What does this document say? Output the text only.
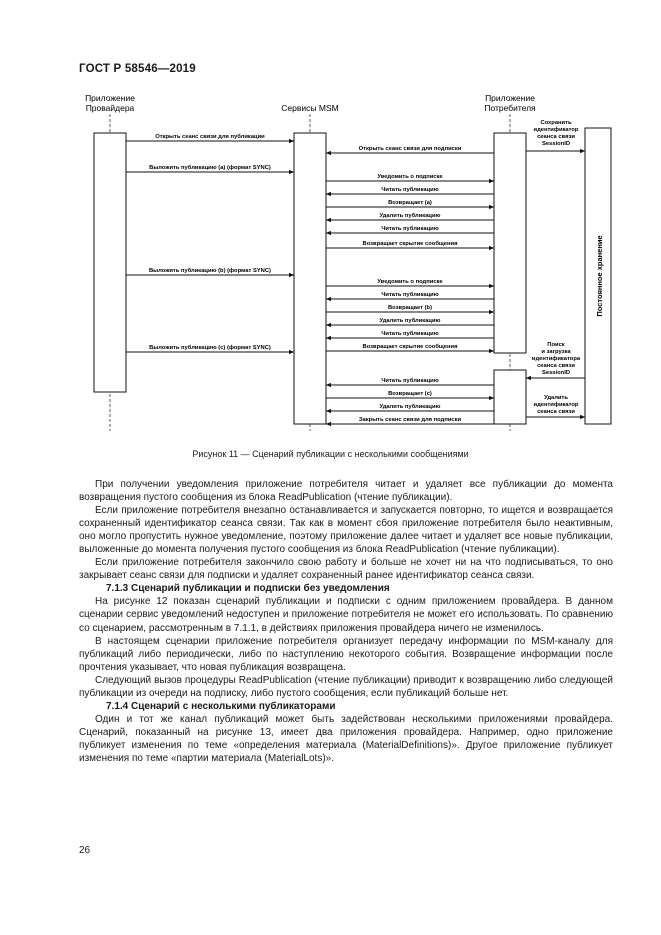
ГОСТ Р 58546—2019
Приложение
Провайдера	Сервисы MSM
Приложение
Потребителя
Постоянное хранение
Сохранить
идентификатор
сеанса связи
SessionID
Поиск
и загрузка
идентификатора
сеанса связи
SessionID
Удалить
идентификатор
сеанса связи
Открыть сеанс связи для публикации
Выложить публикацию (a) (формат SYNC)
Выложить публикацию (b) (формат SYNC)
Выложить публикацию (c) (формат SYNC)
Открыть сеанс связи для подписки
Уведомить о подписке
Читать публикацию
Возвращает (a)
Удалить публикацию
Читать публикацию
Возвращает скрытие сообщения
Уведомить о подписке
Читать публикацию
Возвращает (b)
Удалить публикацию
Читать публикацию
Возвращает скрытие сообщения
Читать публикацию
Возвращает (c)
Удалить публикацию
Закрыть сеанс связи для подписки
Рисунок 11 — Сценарий публикации с несколькими сообщениями

При получении уведомления приложение потребителя читает и удаляет все публикации до момента возвращения пустого сообщения из блока ReadPublication (чтение публикации).

Если приложение потребителя внезапно останавливается и запускается повторно, то ищется и возвращается сохраненный идентификатор сеанса связи. Так как в момент сбоя приложение потребителя было неактивным, оно могло пропустить нужное уведомление, поэтому приложение далее читает и удаляет все новые публикации, выложенные до момента получения пустого сообщения из блока ReadPublication (чтение публикации).

Если приложение потребителя закончило свою работу и больше не хочет ни на что подписываться, то оно закрывает сеанс связи для подписки и удаляет сохраненный ранее идентификатор сеанса связи.

7.1.3 Сценарий публикации и подписки без уведомления

На рисунке 12 показан сценарий публикации и подписки с одним приложением провайдера. В данном сценарии сервис уведомлений недоступен и приложение потребителя не может его использовать. По сравнению со сценарием, рассмотренным в 7.1.1, в действиях приложения провайдера ничего не изменилось.

В настоящем сценарии приложение потребителя организует передачу информации по MSM-каналу для публикаций либо периодически, либо по наступлению некоторого события. Возвращение информации после прочтения указывает, что новая публикация возвращена.

Следующий вызов процедуры ReadPublication (чтение публикации) приводит к возвращению либо следующей публикации из очереди на подписку, либо пустого сообщения, если публикаций больше нет.

7.1.4 Сценарий с несколькими публикаторами

Один и тот же канал публикаций может быть задействован несколькими приложениями провайдера. Сценарий, показанный на рисунке 13, имеет два приложения провайдера. Например, одно приложение публикует изменения по теме «определения материала (MaterialDefinitions)». Другое приложение публикует изменения по теме «партии материала (MaterialLots)».

26
